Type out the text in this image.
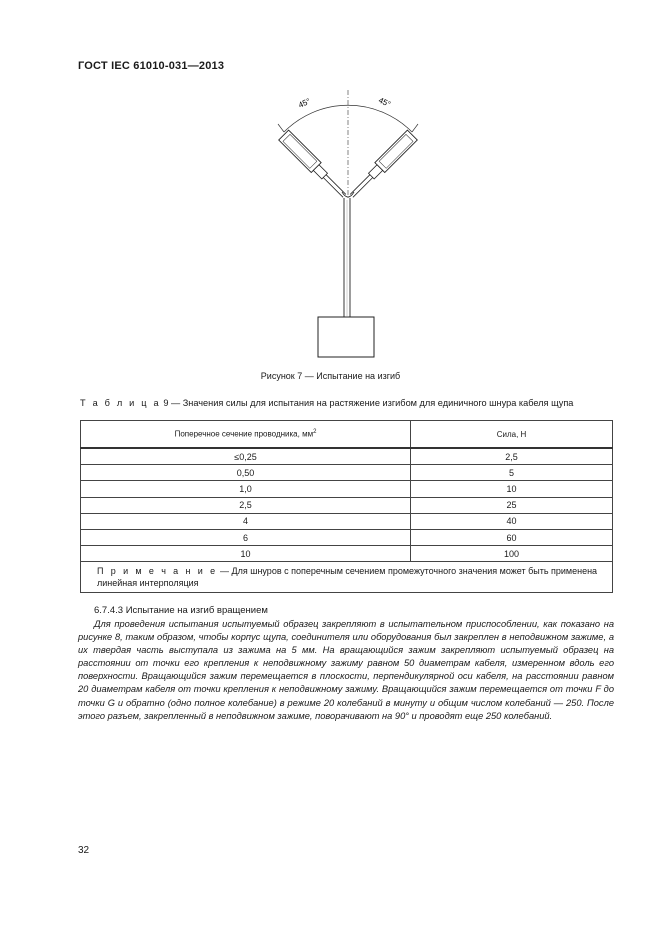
ГОСТ IEC 61010-031—2013
45°	45°
Рисунок 7 — Испытание на изгиб
Т а б л и ц а 9 — Значения силы для испытания на растяжение изгибом для единичного шнура кабеля щупа
Поперечное сечение проводника, $мм^2$	Сила, Н
≤0,25	2,5
0,50	5
1,0	10
2,5	25
4	40
6	60
10	100
П р и м е ч а н и е — Для шнуров с поперечным сечением промежуточного значения может быть применена линейная интерполяция	
6.7.4.3 Испытание на изгиб вращением
Для проведения испытания испытуемый образец закрепляют в испытательном приспособлении, как показано на рисунке 8, таким образом, чтобы корпус щупа, соединителя или оборудования был закреплен в неподвижном зажиме, а их твердая часть выступала из зажима на 5 мм. На вращающийся зажим закрепляют испытуемый образец на расстоянии от точки его крепления к неподвижному зажиму равном 50 диаметрам кабеля, измеренном вдоль его поверхности. Вращающийся зажим перемещается в плоскости, перпендикулярной оси кабеля, на расстоянии равном 20 диаметрам кабеля от точки крепления к неподвижному зажиму. Вращающийся зажим перемещается от точки F до точки G и обратно (одно полное колебание) в режиме 20 колебаний в минуту и общим числом колебаний — 250. После этого разъем, закрепленный в неподвижном зажиме, поворачивают на 90° и проводят еще 250 колебаний.
32
